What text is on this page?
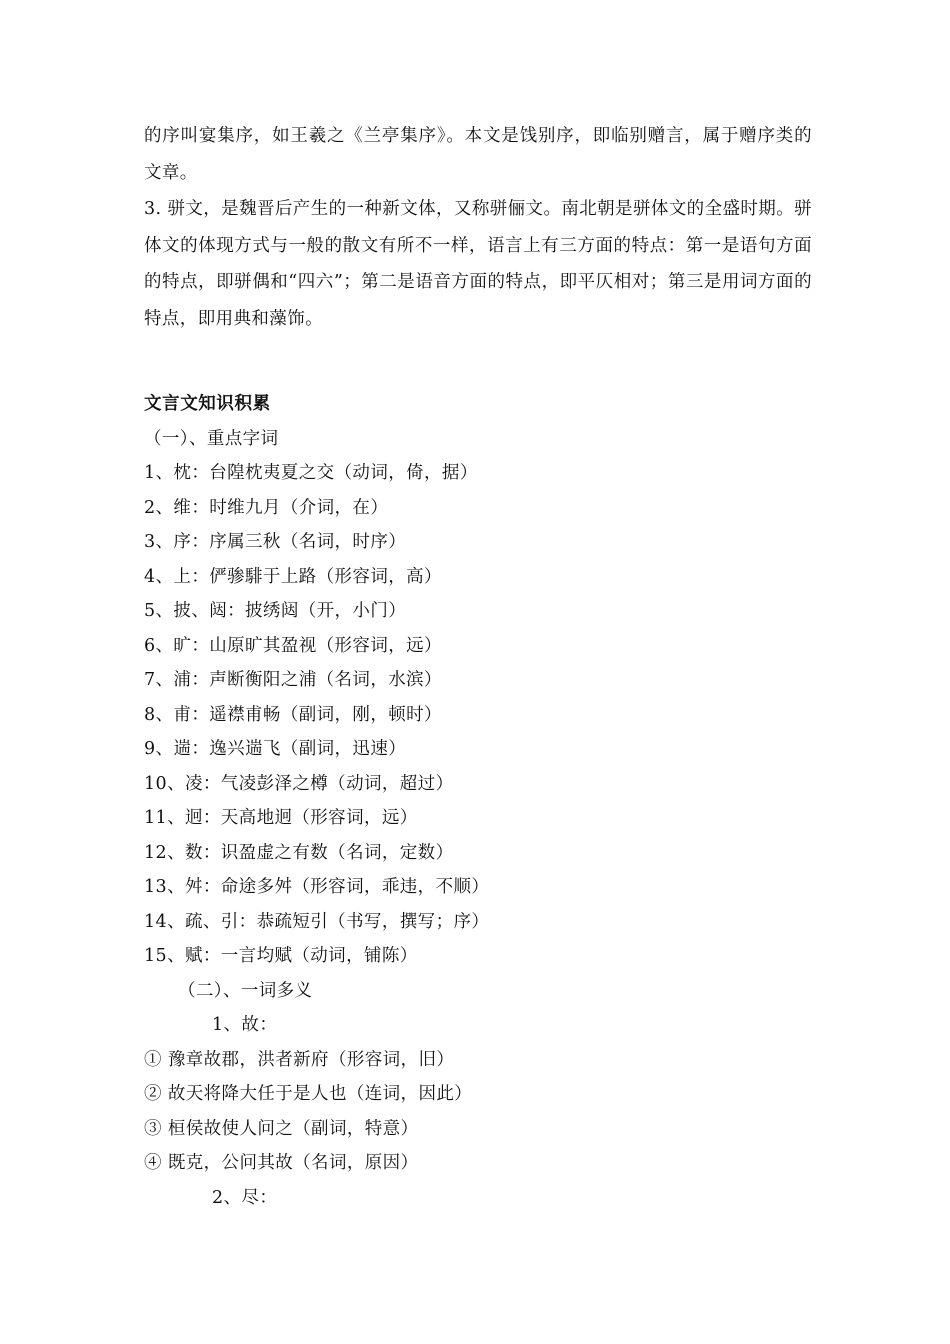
的序叫宴集序，如王羲之《兰亭集序》。本文是饯别序，即临别赠言，属于赠序类的文章。

3. 骈文，是魏晋后产生的一种新文体，又称骈俪文。南北朝是骈体文的全盛时期。骈体文的体现方式与一般的散文有所不一样，语言上有三方面的特点：第一是语句方面的特点，即骈偶和“四六”；第二是语音方面的特点，即平仄相对；第三是用词方面的特点，即用典和藻饰。

文言文知识积累
（一）、重点字词
1、枕：台隍枕夷夏之交（动词，倚，据）
2、维：时维九月（介词，在）
3、序：序属三秋（名词，时序）
4、上：俨骖騑于上路（形容词，高）
5、披、闼：披绣闼（开，小门）
6、旷：山原旷其盈视（形容词，远）
7、浦：声断衡阳之浦（名词，水滨）
8、甫：遥襟甫畅（副词，刚，顿时）
9、遄：逸兴遄飞（副词，迅速）
10、凌：气凌彭泽之樽（动词，超过）
11、迥：天高地迥（形容词，远）
12、数：识盈虚之有数（名词，定数）
13、舛：命途多舛（形容词，乖违，不顺）
14、疏、引：恭疏短引（书写，撰写；序）
15、赋：一言均赋（动词，铺陈）
（二）、一词多义
1、故：
① 豫章故郡，洪者新府（形容词，旧）
② 故天将降大任于是人也（连词，因此）
③ 桓侯故使人问之（副词，特意）
④ 既克，公问其故（名词，原因）
2、尽：
